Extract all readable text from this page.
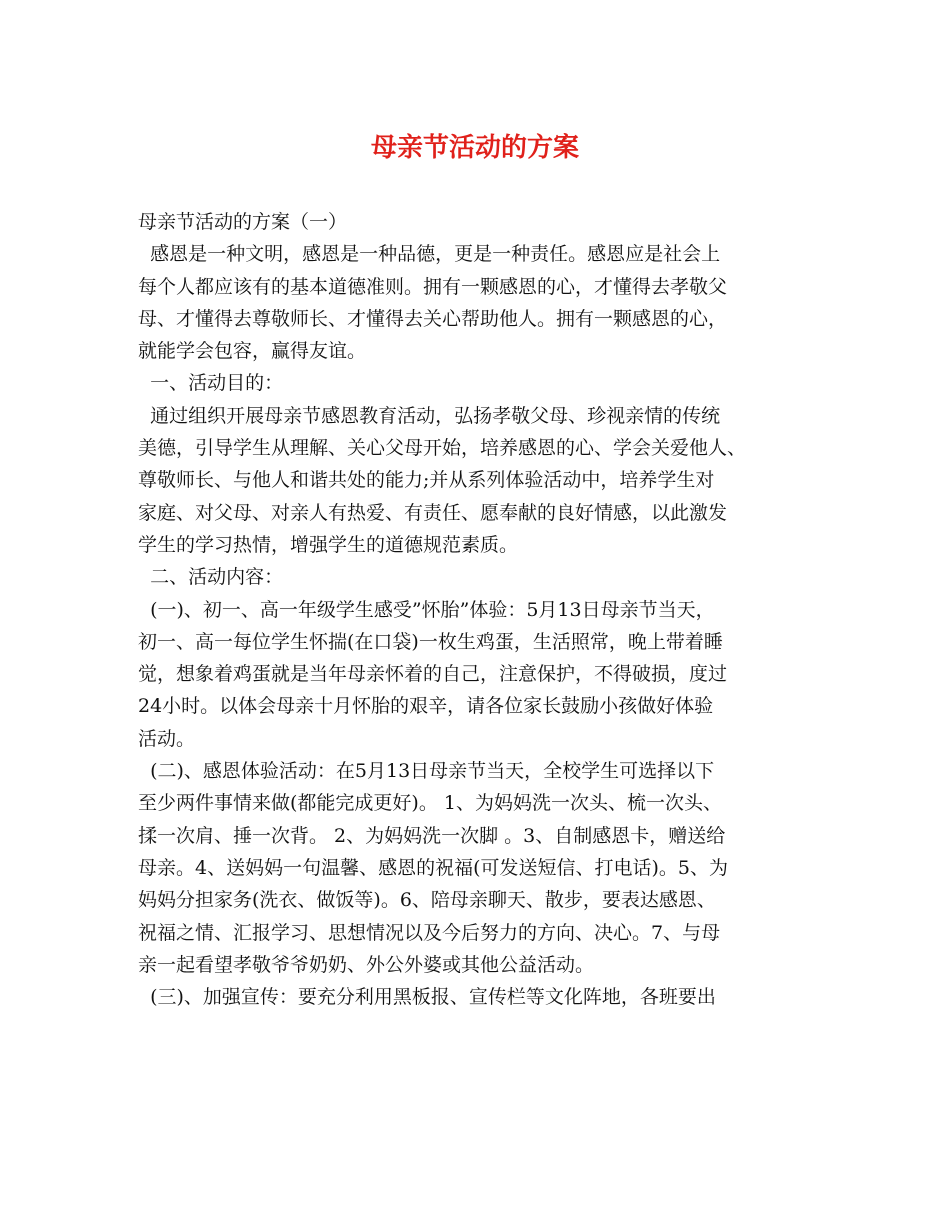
母亲节活动的方案
母亲节活动的方案（一）
感恩是一种文明，感恩是一种品德，更是一种责任。感恩应是社会上
每个人都应该有的基本道德准则。拥有一颗感恩的心，才懂得去孝敬父
母、才懂得去尊敬师长、才懂得去关心帮助他人。拥有一颗感恩的心，
就能学会包容，赢得友谊。
一、活动目的：
通过组织开展母亲节感恩教育活动，弘扬孝敬父母、珍视亲情的传统
美德，引导学生从理解、关心父母开始，培养感恩的心、学会关爱他人、
尊敬师长、与他人和谐共处的能力;并从系列体验活动中，培养学生对
家庭、对父母、对亲人有热爱、有责任、愿奉献的良好情感，以此激发
学生的学习热情，增强学生的道德规范素质。
二、活动内容：
(一)、初一、高一年级学生感受”怀胎”体验：5月13日母亲节当天，
初一、高一每位学生怀揣(在口袋)一枚生鸡蛋，生活照常，晚上带着睡
觉，想象着鸡蛋就是当年母亲怀着的自己，注意保护，不得破损，度过
24小时。以体会母亲十月怀胎的艰辛，请各位家长鼓励小孩做好体验
活动。
(二)、感恩体验活动：在5月13日母亲节当天，全校学生可选择以下
至少两件事情来做(都能完成更好)。 1、为妈妈洗一次头、梳一次头、
揉一次肩、捶一次背。 2、为妈妈洗一次脚 。3、自制感恩卡，赠送给
母亲。4、送妈妈一句温馨、感恩的祝福(可发送短信、打电话)。5、为
妈妈分担家务(洗衣、做饭等)。6、陪母亲聊天、散步，要表达感恩、
祝福之情、汇报学习、思想情况以及今后努力的方向、决心。7、与母
亲一起看望孝敬爷爷奶奶、外公外婆或其他公益活动。
(三)、加强宣传：要充分利用黑板报、宣传栏等文化阵地，各班要出
